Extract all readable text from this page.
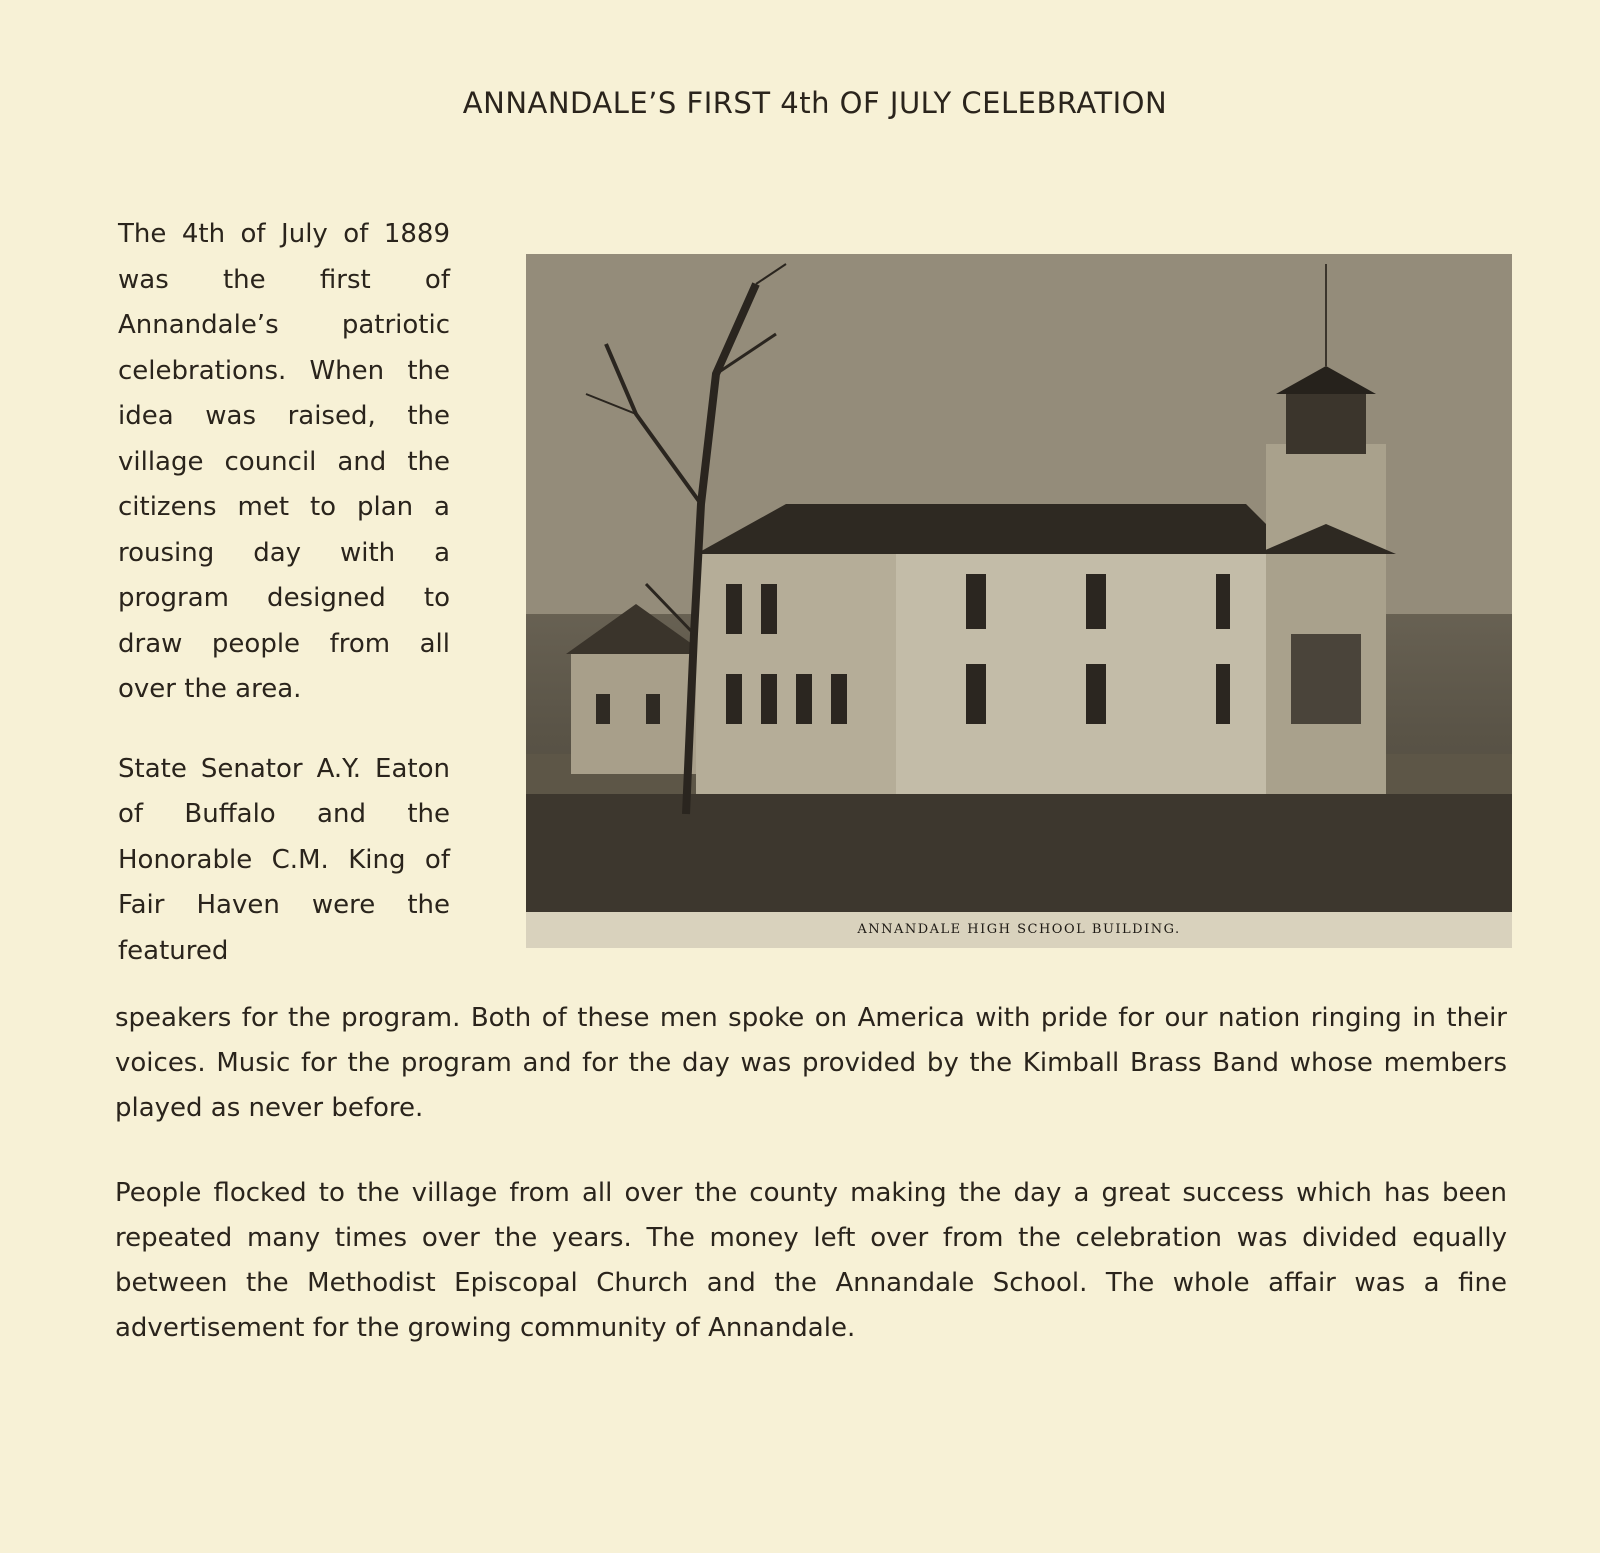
ANNANDALE’S FIRST 4th OF JULY CELEBRATION

The 4th of July of 1889 was the first of Annandale’s patriotic celebrations. When the idea was raised, the village council and the citizens met to plan a rousing day with a program designed to draw people from all over the area.

State Senator A.Y. Eaton of Buffalo and the Honorable C.M. King of Fair Haven were the featured

ANNANDALE HIGH SCHOOL BUILDING.

speakers for the program. Both of these men spoke on America with pride for our nation ringing in their voices. Music for the program and for the day was provided by the Kimball Brass Band whose members played as never before.

People flocked to the village from all over the county making the day a great success which has been repeated many times over the years. The money left over from the celebration was divided equally between the Methodist Episcopal Church and the Annandale School. The whole affair was a fine advertisement for the growing community of Annandale.
